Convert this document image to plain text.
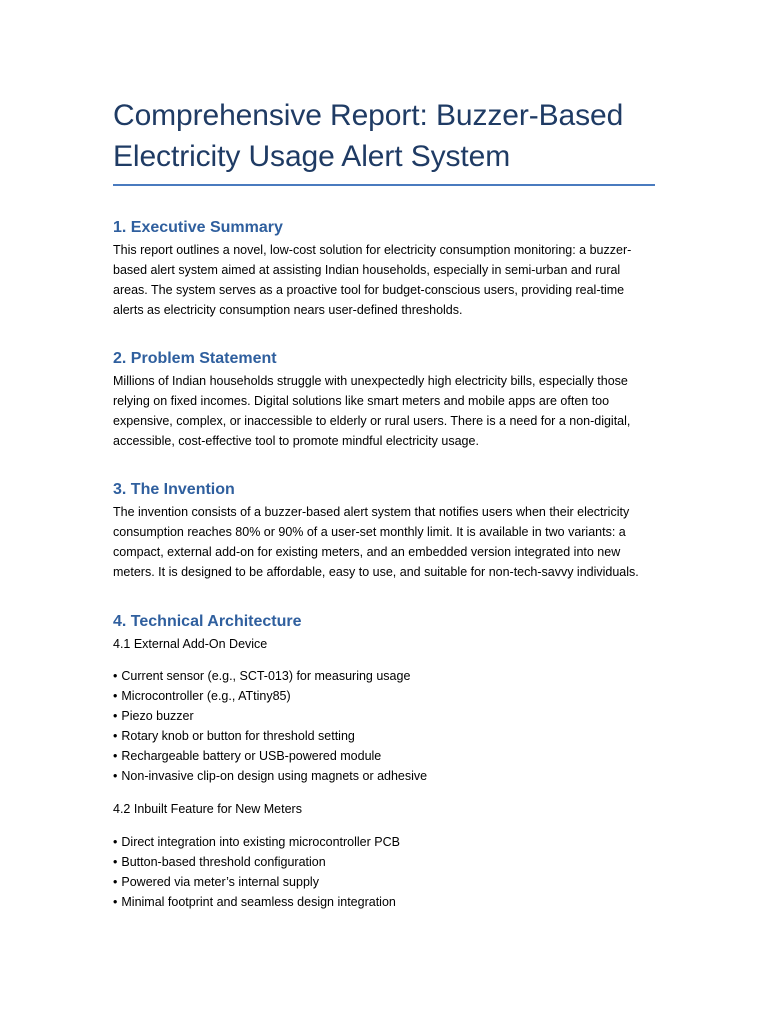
Comprehensive Report: Buzzer-Based Electricity Usage Alert System
1. Executive Summary

This report outlines a novel, low-cost solution for electricity consumption monitoring: a buzzer-based alert system aimed at assisting Indian households, especially in semi-urban and rural areas. The system serves as a proactive tool for budget-conscious users, providing real-time alerts as electricity consumption nears user-defined thresholds.

2. Problem Statement

Millions of Indian households struggle with unexpectedly high electricity bills, especially those relying on fixed incomes. Digital solutions like smart meters and mobile apps are often too expensive, complex, or inaccessible to elderly or rural users. There is a need for a non-digital, accessible, cost-effective tool to promote mindful electricity usage.

3. The Invention

The invention consists of a buzzer-based alert system that notifies users when their electricity consumption reaches 80% or 90% of a user-set monthly limit. It is available in two variants: a compact, external add-on for existing meters, and an embedded version integrated into new meters. It is designed to be affordable, easy to use, and suitable for non-tech-savvy individuals.

4. Technical Architecture

4.1 External Add-On Device

• Current sensor (e.g., SCT-013) for measuring usage
• Microcontroller (e.g., ATtiny85)
• Piezo buzzer
• Rotary knob or button for threshold setting
• Rechargeable battery or USB-powered module
• Non-invasive clip-on design using magnets or adhesive

4.2 Inbuilt Feature for New Meters

• Direct integration into existing microcontroller PCB
• Button-based threshold configuration
• Powered via meter’s internal supply
• Minimal footprint and seamless design integration
